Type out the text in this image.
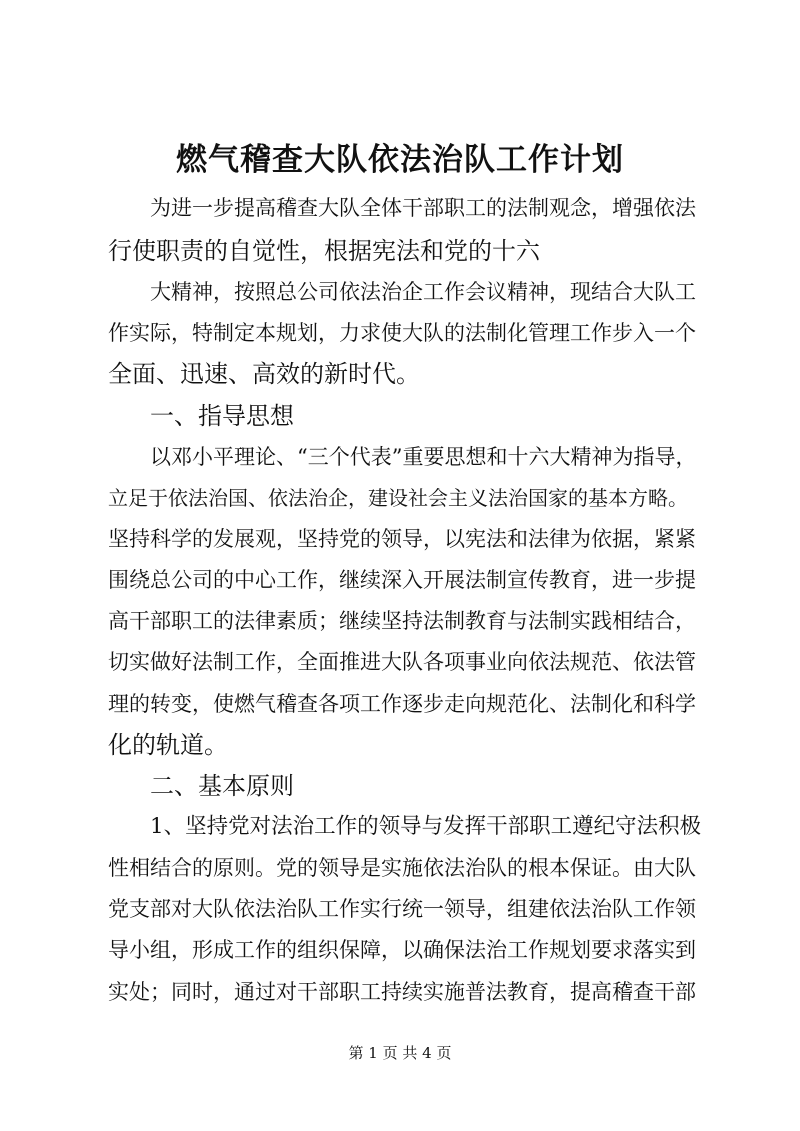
燃气稽查大队依法治队工作计划
为进一步提高稽查大队全体干部职工的法制观念，增强依法
行使职责的自觉性，根据宪法和党的十六
大精神，按照总公司依法治企工作会议精神，现结合大队工
作实际，特制定本规划，力求使大队的法制化管理工作步入一个
全面、迅速、高效的新时代。
一、指导思想
以邓小平理论、“三个代表”重要思想和十六大精神为指导，
立足于依法治国、依法治企，建设社会主义法治国家的基本方略。
坚持科学的发展观，坚持党的领导，以宪法和法律为依据，紧紧
围绕总公司的中心工作，继续深入开展法制宣传教育，进一步提
高干部职工的法律素质；继续坚持法制教育与法制实践相结合，
切实做好法制工作，全面推进大队各项事业向依法规范、依法管
理的转变，使燃气稽查各项工作逐步走向规范化、法制化和科学
化的轨道。
二、基本原则
1、坚持党对法治工作的领导与发挥干部职工遵纪守法积极
性相结合的原则。党的领导是实施依法治队的根本保证。由大队
党支部对大队依法治队工作实行统一领导，组建依法治队工作领
导小组，形成工作的组织保障，以确保法治工作规划要求落实到
实处；同时，通过对干部职工持续实施普法教育，提高稽查干部
第 1 页 共 4 页
